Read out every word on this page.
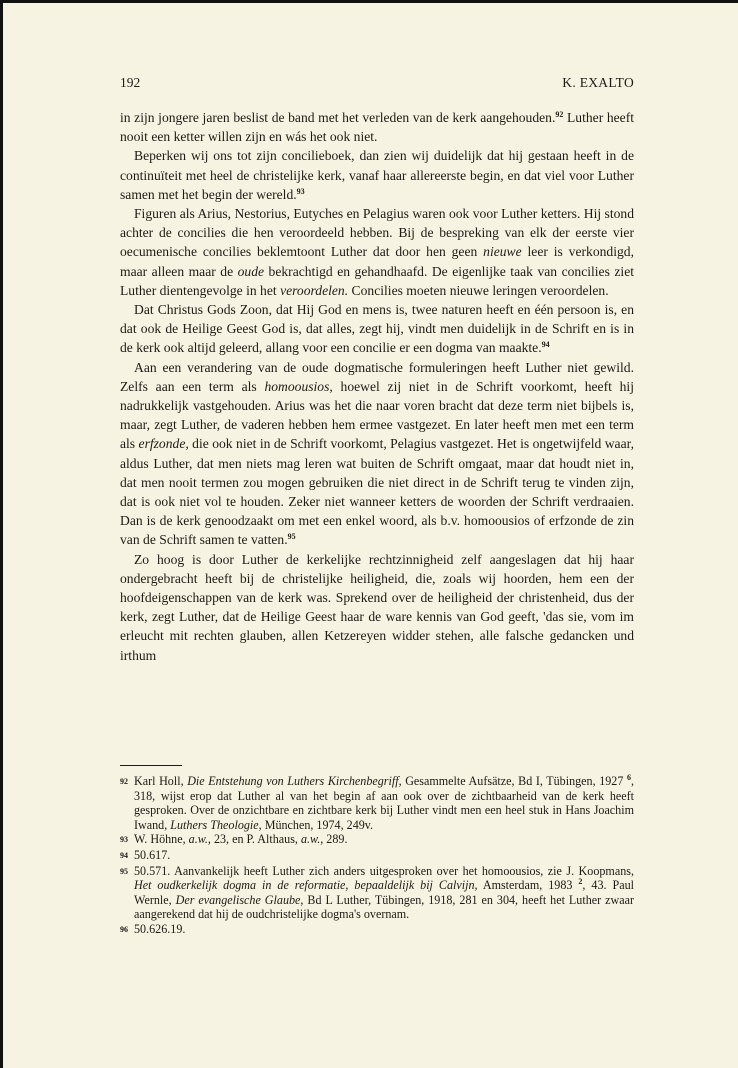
192	K. EXALTO

in zijn jongere jaren beslist de band met het verleden van de kerk aangehouden.$^{92}$ Luther heeft nooit een ketter willen zijn en wás het ook niet.

Beperken wij ons tot zijn concilieboek, dan zien wij duidelijk dat hij gestaan heeft in de continuïteit met heel de christelijke kerk, vanaf haar allereerste begin, en dat viel voor Luther samen met het begin der wereld.$^{93}$

Figuren als Arius, Nestorius, Eutyches en Pelagius waren ook voor Luther ketters. Hij stond achter de concilies die hen veroordeeld hebben. Bij de bespreking van elk der eerste vier oecumenische concilies beklemtoont Luther dat door hen geen nieuwe leer is verkondigd, maar alleen maar de oude bekrachtigd en gehandhaafd. De eigenlijke taak van concilies ziet Luther dientengevolge in het veroordelen. Concilies moeten nieuwe leringen veroordelen.

Dat Christus Gods Zoon, dat Hij God en mens is, twee naturen heeft en één persoon is, en dat ook de Heilige Geest God is, dat alles, zegt hij, vindt men duidelijk in de Schrift en is in de kerk ook altijd geleerd, allang voor een concilie er een dogma van maakte.$^{94}$

Aan een verandering van de oude dogmatische formuleringen heeft Luther niet gewild. Zelfs aan een term als homoousios, hoewel zij niet in de Schrift voorkomt, heeft hij nadrukkelijk vastgehouden. Arius was het die naar voren bracht dat deze term niet bijbels is, maar, zegt Luther, de vaderen hebben hem ermee vastgezet. En later heeft men met een term als erfzonde, die ook niet in de Schrift voorkomt, Pelagius vastgezet. Het is ongetwijfeld waar, aldus Luther, dat men niets mag leren wat buiten de Schrift omgaat, maar dat houdt niet in, dat men nooit termen zou mogen gebruiken die niet direct in de Schrift terug te vinden zijn, dat is ook niet vol te houden. Zeker niet wanneer ketters de woorden der Schrift verdraaien. Dan is de kerk genoodzaakt om met een enkel woord, als b.v. homoousios of erfzonde de zin van de Schrift samen te vatten.$^{95}$

Zo hoog is door Luther de kerkelijke rechtzinnigheid zelf aangeslagen dat hij haar ondergebracht heeft bij de christelijke heiligheid, die, zoals wij hoorden, hem een der hoofdeigenschappen van de kerk was. Sprekend over de heiligheid der christenheid, dus der kerk, zegt Luther, dat de Heilige Geest haar de ware kennis van God geeft, 'das sie, vom im erleucht mit rechten glauben, allen Ketzereyen widder stehen, alle falsche gedancken und irthum

92 Karl Holl, Die Entstehung von Luthers Kirchenbegriff, Gesammelte Aufsätze, Bd I, Tübingen, 1927 $^6$, 318, wijst erop dat Luther al van het begin af aan ook over de zichtbaarheid van de kerk heeft gesproken. Over de onzichtbare en zichtbare kerk bij Luther vindt men een heel stuk in Hans Joachim Iwand, Luthers Theologie, München, 1974, 249v.
93 W. Höhne, a.w., 23, en P. Althaus, a.w., 289.
94 50.617.
95 50.571. Aanvankelijk heeft Luther zich anders uitgesproken over het homoousios, zie J. Koopmans, Het oudkerkelijk dogma in de reformatie, bepaaldelijk bij Calvijn, Amsterdam, 1983 $^2$, 43. Paul Wernle, Der evangelische Glaube, Bd L Luther, Tübingen, 1918, 281 en 304, heeft het Luther zwaar aangerekend dat hij de oudchristelijke dogma's overnam.
96 50.626.19.
